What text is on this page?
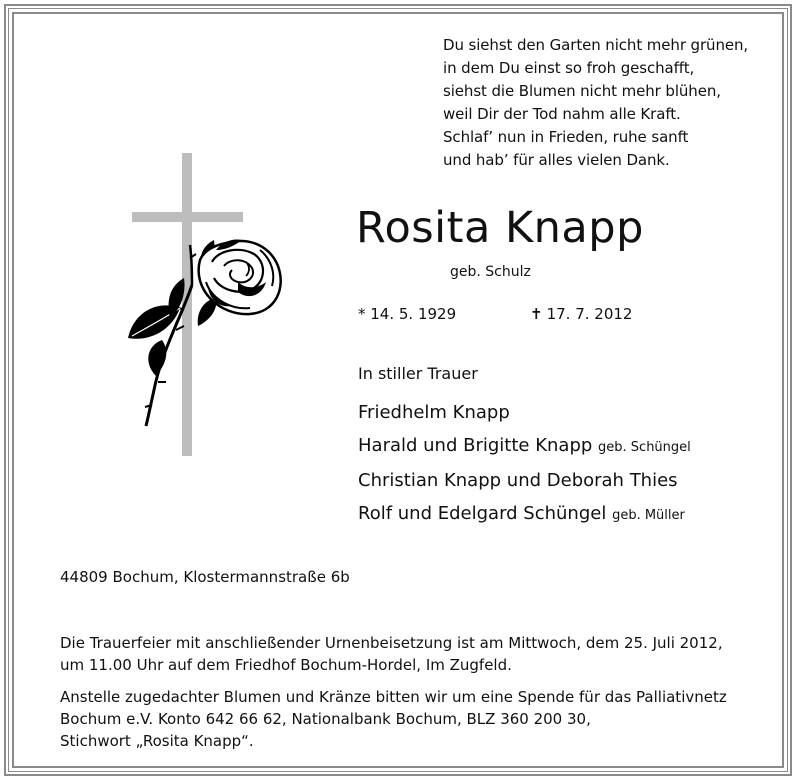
Du siehst den Garten nicht mehr grünen,
in dem Du einst so froh geschafft,
siehst die Blumen nicht mehr blühen,
weil Dir der Tod nahm alle Kraft.
Schlaf’ nun in Frieden, ruhe sanft
und hab’ für alles vielen Dank.
Rosita Knapp
geb. Schulz
* 14. 5. 1929	✝ 17. 7. 2012
In stiller Trauer
Friedhelm Knapp
Harald und Brigitte Knapp geb. Schüngel
Christian Knapp und Deborah Thies
Rolf und Edelgard Schüngel geb. Müller
44809 Bochum, Klostermannstraße 6b
Die Trauerfeier mit anschließender Urnenbeisetzung ist am Mittwoch, dem 25. Juli 2012,
um 11.00 Uhr auf dem Friedhof Bochum-Hordel, Im Zugfeld.
Anstelle zugedachter Blumen und Kränze bitten wir um eine Spende für das Palliativnetz
Bochum e.V. Konto 642 66 62, Nationalbank Bochum, BLZ 360 200 30,
Stichwort „Rosita Knapp“.
